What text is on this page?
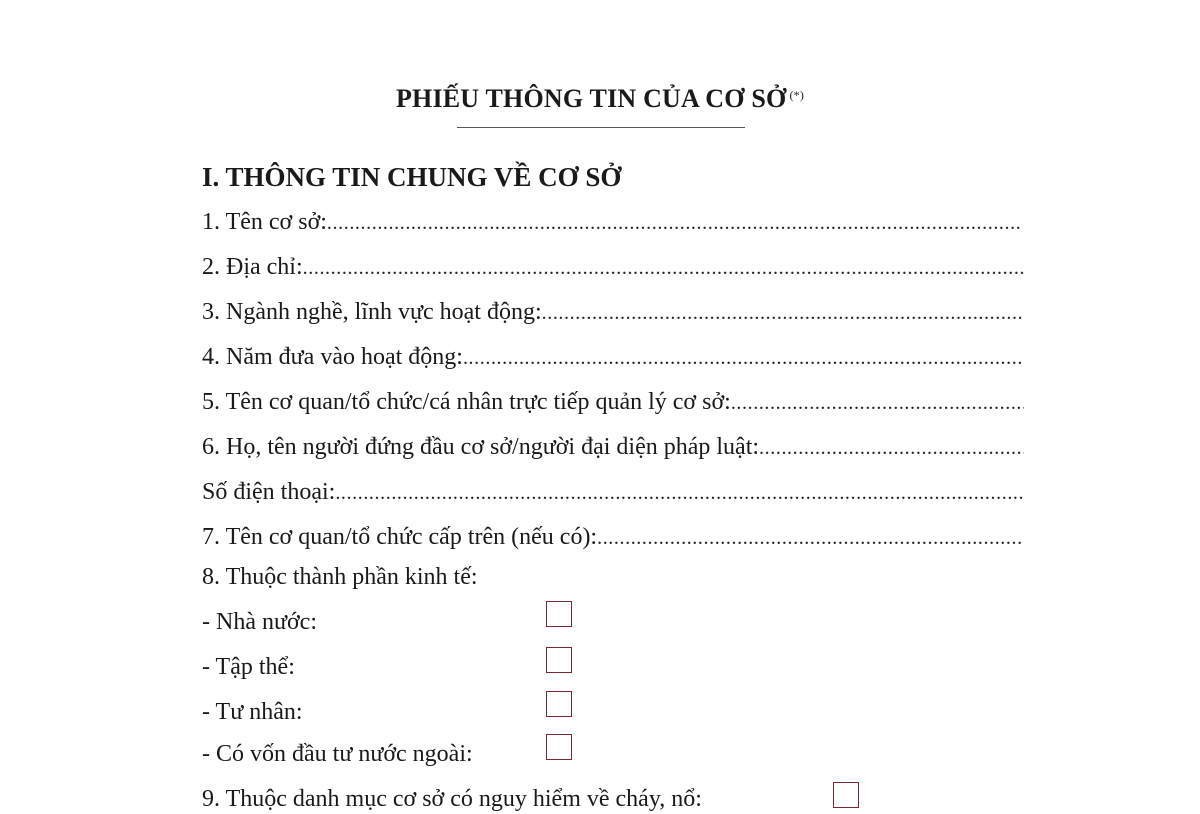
PHIẾU THÔNG TIN CỦA CƠ SỞ (*)
I. THÔNG TIN CHUNG VỀ CƠ SỞ
1. Tên cơ sở:
.....
2. Địa chỉ:
.....
3. Ngành nghề, lĩnh vực hoạt động:
.....
4. Năm đưa vào hoạt động:
.....
5. Tên cơ quan/tổ chức/cá nhân trực tiếp quản lý cơ sở:
.....
6. Họ, tên người đứng đầu cơ sở/người đại diện pháp luật:
.....
Số điện thoại:
.....
7. Tên cơ quan/tổ chức cấp trên (nếu có):
.....
8. Thuộc thành phần kinh tế:
- Nhà nước:
- Tập thể:
- Tư nhân:
- Có vốn đầu tư nước ngoài:
9. Thuộc danh mục cơ sở có nguy hiểm về cháy, nổ:
